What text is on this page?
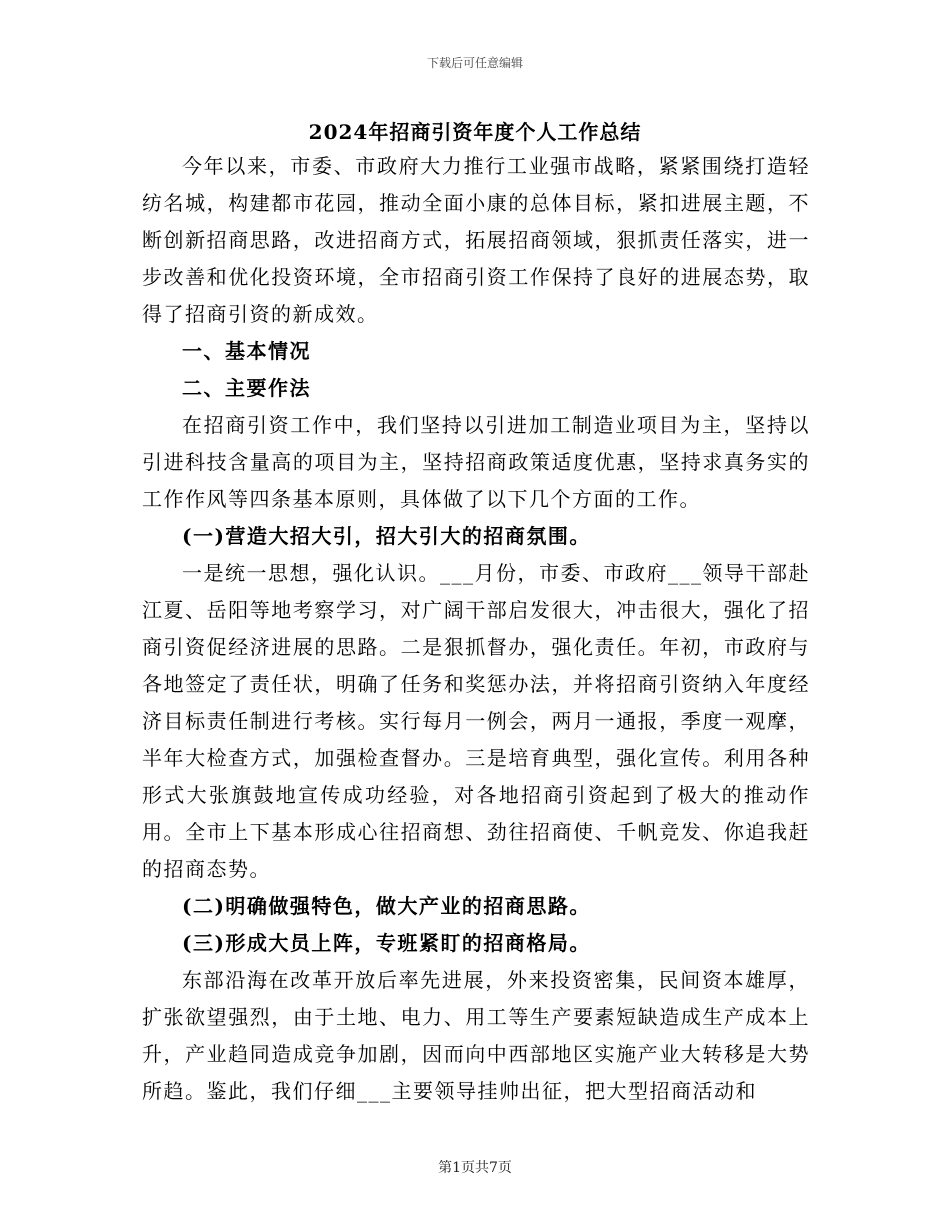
下载后可任意编辑
2024年招商引资年度个人工作总结

今年以来，市委、市政府大力推行工业强市战略，紧紧围绕打造轻纺名城，构建都市花园，推动全面小康的总体目标，紧扣进展主题，不断创新招商思路，改进招商方式，拓展招商领域，狠抓责任落实，进一步改善和优化投资环境，全市招商引资工作保持了良好的进展态势，取得了招商引资的新成效。

一、基本情况

二、主要作法

在招商引资工作中，我们坚持以引进加工制造业项目为主，坚持以引进科技含量高的项目为主，坚持招商政策适度优惠，坚持求真务实的工作作风等四条基本原则，具体做了以下几个方面的工作。

(一)营造大招大引，招大引大的招商氛围。

一是统一思想，强化认识。___月份，市委、市政府___领导干部赴江夏、岳阳等地考察学习，对广阔干部启发很大，冲击很大，强化了招商引资促经济进展的思路。二是狠抓督办，强化责任。年初，市政府与各地签定了责任状，明确了任务和奖惩办法，并将招商引资纳入年度经济目标责任制进行考核。实行每月一例会，两月一通报，季度一观摩，半年大检查方式，加强检查督办。三是培育典型，强化宣传。利用各种形式大张旗鼓地宣传成功经验，对各地招商引资起到了极大的推动作用。全市上下基本形成心往招商想、劲往招商使、千帆竞发、你追我赶的招商态势。

(二)明确做强特色，做大产业的招商思路。

(三)形成大员上阵，专班紧盯的招商格局。

东部沿海在改革开放后率先进展，外来投资密集，民间资本雄厚，扩张欲望强烈，由于土地、电力、用工等生产要素短缺造成生产成本上升，产业趋同造成竞争加剧，因而向中西部地区实施产业大转移是大势所趋。鉴此，我们仔细___主要领导挂帅出征，把大型招商活动和

第1页共7页
